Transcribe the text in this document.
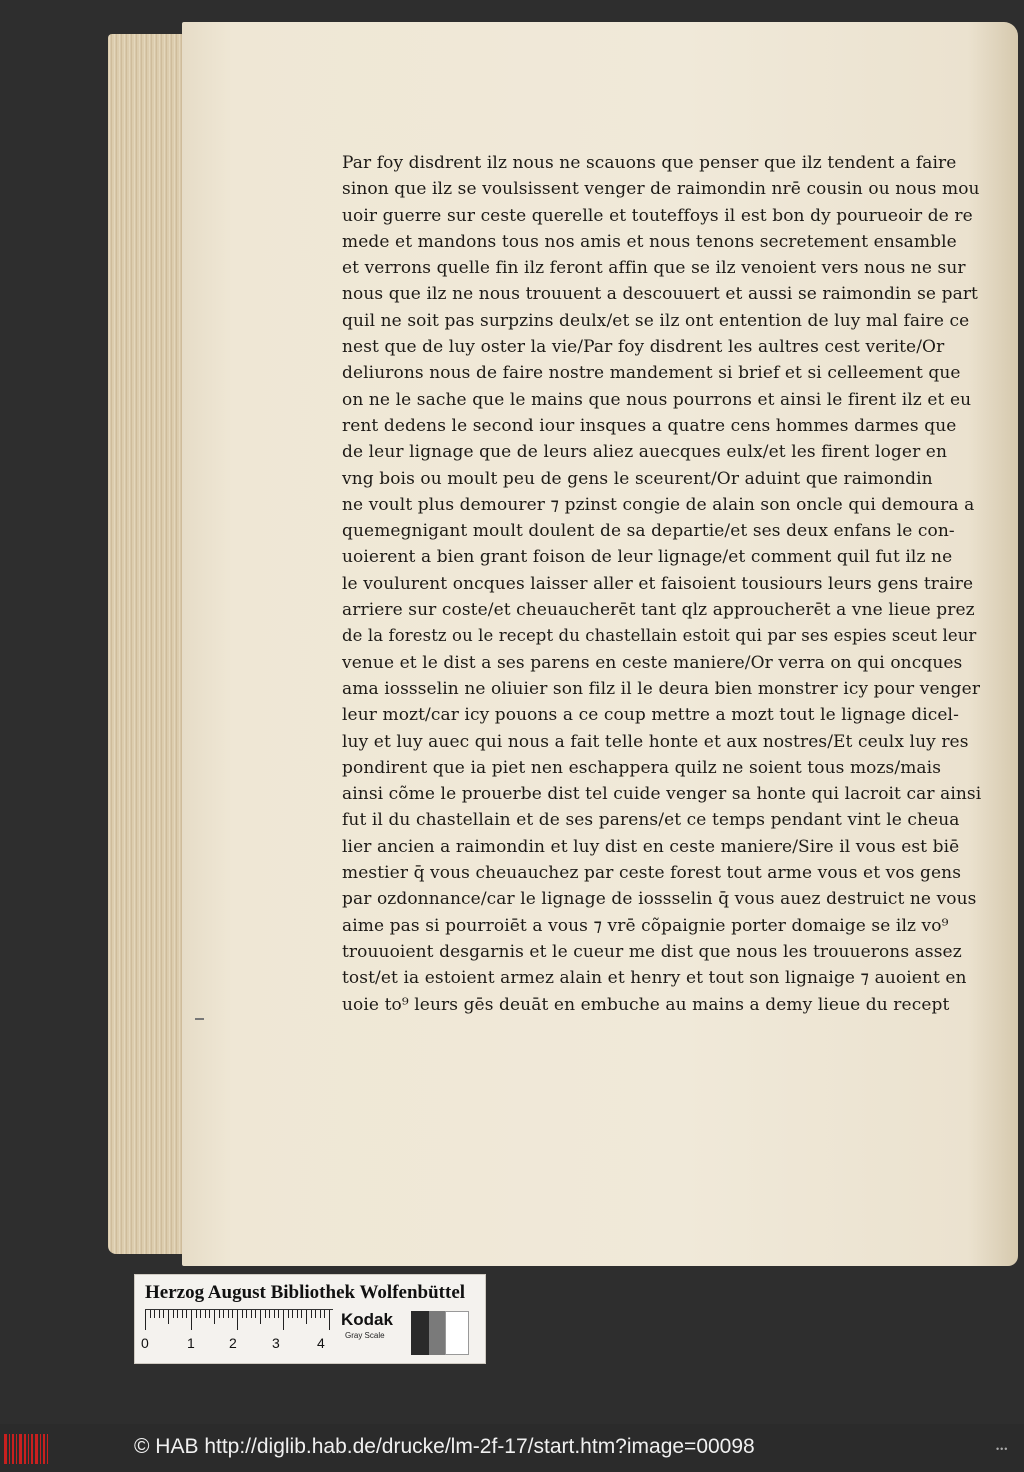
Par foy disdrent ilz nous ne scauons que penser que ilz tendent a faire
sinon que ilz se voulsissent venger de raimondin nrē cousin ou nous mou
uoir guerre sur ceste querelle et touteffoys il est bon dy pourueoir de re
mede et mandons tous nos amis et nous tenons secretement ensamble
et verrons quelle fin ilz feront affin que se ilz venoient vers nous ne sur
nous que ilz ne nous trouuent a descouuert et aussi se raimondin se part
quil ne soit pas surpzins deulx/et se ilz ont entention de luy mal faire ce
nest que de luy oster la vie/Par foy disdrent les aultres cest verite/Or
deliurons nous de faire nostre mandement si brief et si celleement que
on ne le sache que le mains que nous pourrons et ainsi le firent ilz et eu
rent dedens le second iour insques a quatre cens hommes darmes que
de leur lignage que de leurs aliez auecques eulx/et les firent loger en
vng bois ou moult peu de gens le sceurent/Or aduint que raimondin
ne voult plus demourer ⁊ pzinst congie de alain son oncle qui demoura a
quemegnigant moult doulent de sa departie/et ses deux enfans le con-
uoierent a bien grant foison de leur lignage/et comment quil fut ilz ne
le voulurent oncques laisser aller et faisoient tousiours leurs gens traire
arriere sur coste/et cheuaucherēt tant qlz approucherēt a vne lieue prez
de la forestz ou le recept du chastellain estoit qui par ses espies sceut leur
venue et le dist a ses parens en ceste maniere/Or verra on qui oncques
ama iossselin ne oliuier son filz il le deura bien monstrer icy pour venger
leur mozt/car icy pouons a ce coup mettre a mozt tout le lignage dicel-
luy et luy auec qui nous a fait telle honte et aux nostres/Et ceulx luy res
pondirent que ia piet nen eschappera quilz ne soient tous mozs/mais
ainsi cõme le prouerbe dist tel cuide venger sa honte qui lacroit car ainsi
fut il du chastellain et de ses parens/et ce temps pendant vint le cheua
lier ancien a raimondin et luy dist en ceste maniere/Sire il vous est biē
mestier q̄ vous cheuauchez par ceste forest tout arme vous et vos gens
par ozdonnance/car le lignage de iossselin q̄ vous auez destruict ne vous
aime pas si pourroiēt a vous ⁊ vrē cõpaignie porter domaige se ilz vo⁹
trouuoient desgarnis et le cueur me dist que nous les trouuerons assez
tost/et ia estoient armez alain et henry et tout son lignaige ⁊ auoient en
uoie to⁹ leurs gēs deuāt en embuche au mains a demy lieue du recept
Herzog August Bibliothek Wolfenbüttel
0	1 2	3	4
Kodak
Gray Scale
© HAB http://diglib.hab.de/drucke/lm-2f-17/start.htm?image=00098	•••
